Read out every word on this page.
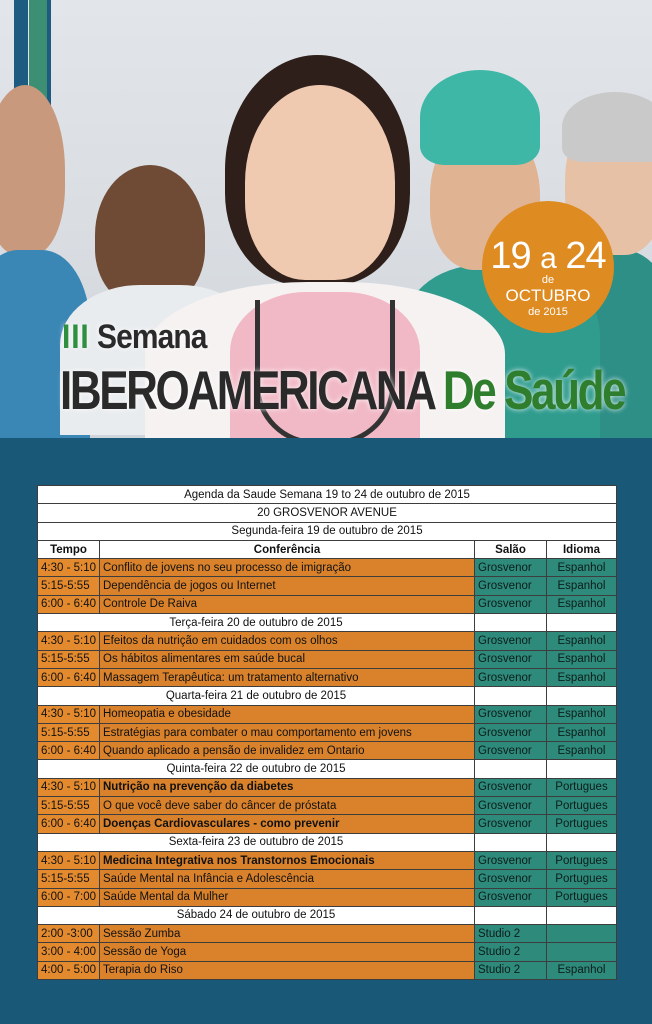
19 a 24
de
OCTUBRO
de 2015
III Semana
IBEROAMERICANA De Saúde
Agenda da Saude Semana 19 to 24 de outubro de 2015			
20 GROSVENOR AVENUE			
Segunda-feira 19 de outubro de 2015			
Tempo	Conferência	Salão	Idioma
4:30 - 5:10	Conflito de jovens no seu processo de imigração	Grosvenor	Espanhol
5:15-5:55	Dependência de jogos ou Internet	Grosvenor	Espanhol
6:00 - 6:40	Controle De Raiva	Grosvenor	Espanhol
Terça-feira 20 de outubro de 2015			
4:30 - 5:10	Efeitos da nutrição em cuidados com os olhos	Grosvenor	Espanhol
5:15-5:55	Os hábitos alimentares em saúde bucal	Grosvenor	Espanhol
6:00 - 6:40	Massagem Terapêutica: um tratamento alternativo	Grosvenor	Espanhol
Quarta-feira 21 de outubro de 2015			
4:30 - 5:10	Homeopatia e obesidade	Grosvenor	Espanhol
5:15-5:55	Estratégias para combater o mau comportamento em jovens	Grosvenor	Espanhol
6:00 - 6:40	Quando aplicado a pensão de invalidez em Ontario	Grosvenor	Espanhol
Quinta-feira 22 de outubro de 2015			
4:30 - 5:10	Nutrição na prevenção da diabetes	Grosvenor	Portugues
5:15-5:55	O que você deve saber do câncer de próstata	Grosvenor	Portugues
6:00 - 6:40	Doenças Cardiovasculares - como prevenir	Grosvenor	Portugues
Sexta-feira 23 de outubro de 2015			
4:30 - 5:10	Medicina Integrativa nos Transtornos Emocionais	Grosvenor	Portugues
5:15-5:55	Saúde Mental na Infância e Adolescência	Grosvenor	Portugues
6:00 - 7:00	Saúde Mental da Mulher	Grosvenor	Portugues
Sábado 24 de outubro de 2015			
2:00 -3:00	Sessão Zumba	Studio 2	
3:00 - 4:00	Sessão de Yoga	Studio 2	
4:00 - 5:00	Terapia do Riso	Studio 2	Espanhol
